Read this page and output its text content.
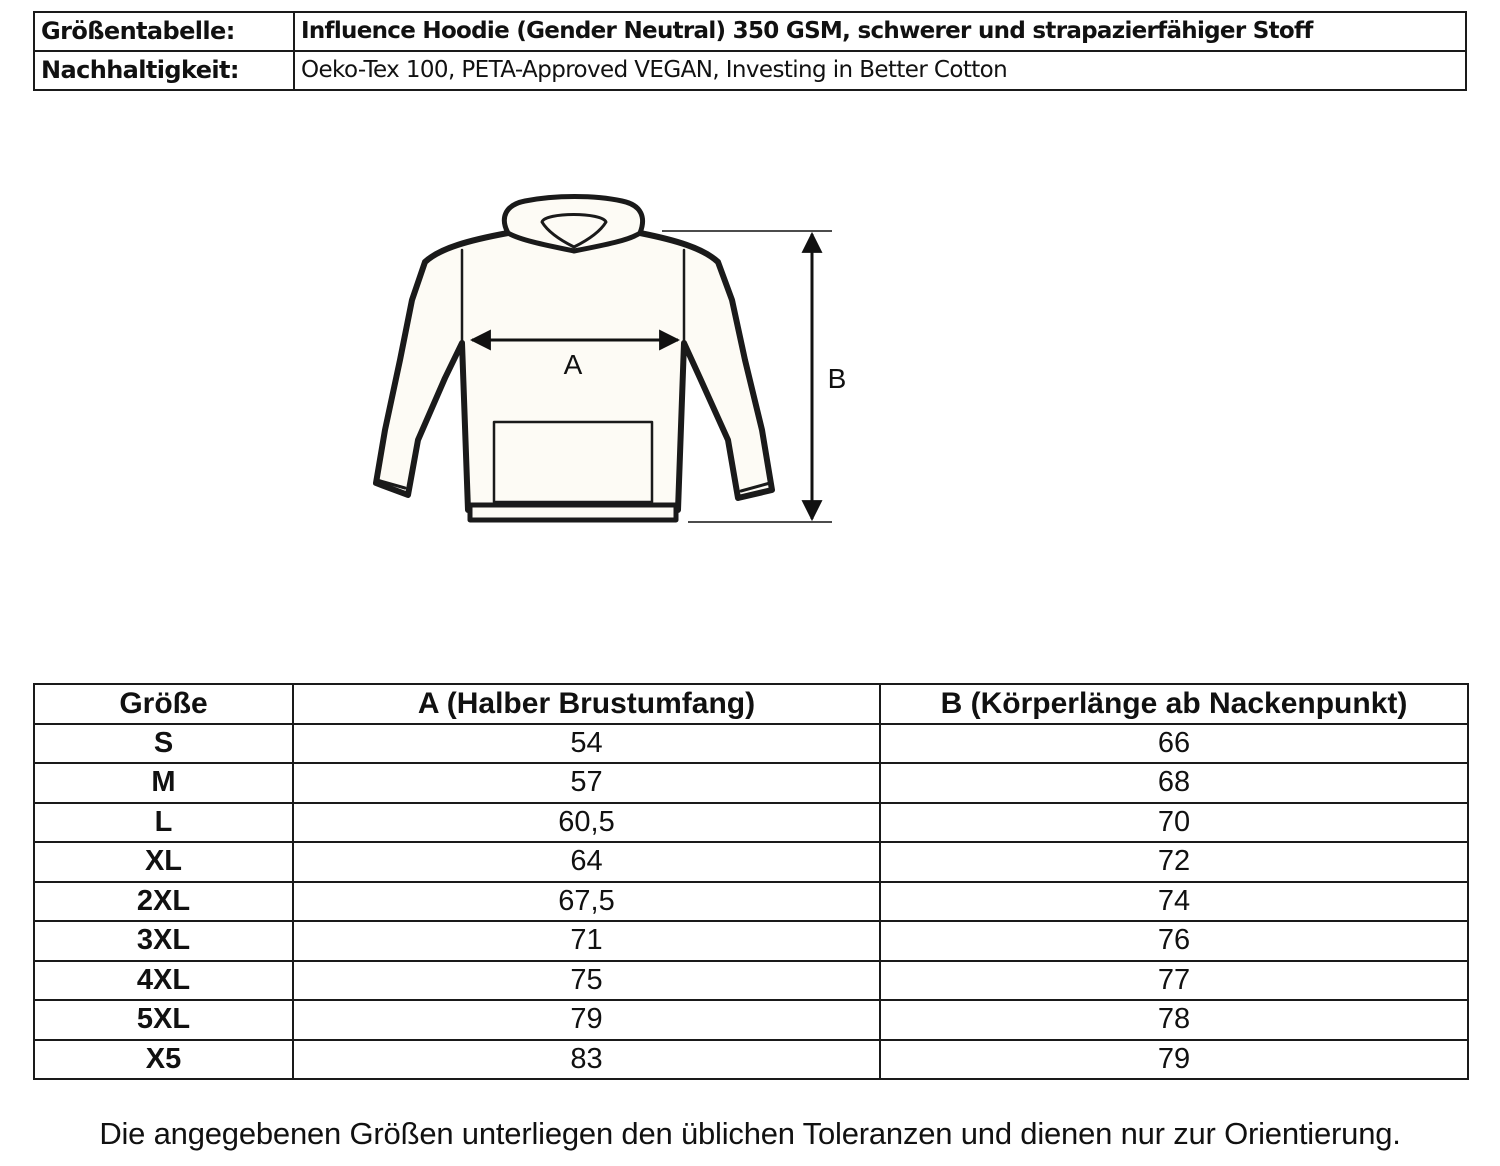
Größentabelle:	Influence Hoodie (Gender Neutral) 350 GSM, schwerer und strapazierfähiger Stoff
Nachhaltigkeit:	Oeko-Tex 100, PETA-Approved VEGAN, Investing in Better Cotton
A	B
Größe	A (Halber Brustumfang)	B (Körperlänge ab Nackenpunkt)
S	54	66
M	57	68
L	60,5	70
XL	64	72
2XL	67,5	74
3XL	71	76
4XL	75	77
5XL	79	78
X5	83	79
Die angegebenen Größen unterliegen den üblichen Toleranzen und dienen nur zur Orientierung.
